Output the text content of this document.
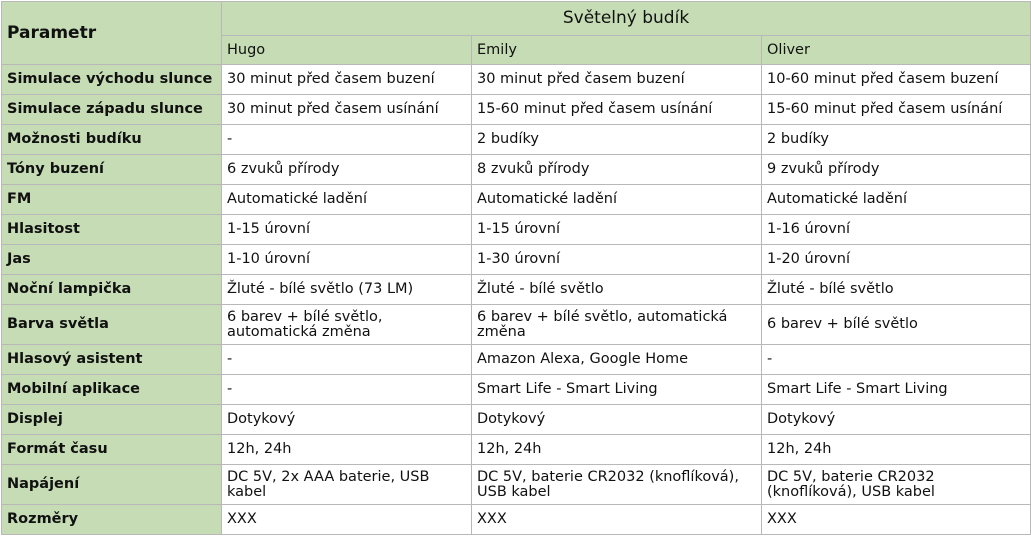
Parametr	Světelný budík		
	Hugo	Emily	Oliver
Simulace východu slunce	30 minut před časem buzení	30 minut před časem buzení	10-60 minut před časem buzení
Simulace západu slunce	30 minut před časem usínání	15-60 minut před časem usínání	15-60 minut před časem usínání
Možnosti budíku	-	2 budíky	2 budíky
Tóny buzení	6 zvuků přírody	8 zvuků přírody	9 zvuků přírody
FM	Automatické ladění	Automatické ladění	Automatické ladění
Hlasitost	1-15 úrovní	1-15 úrovní	1-16 úrovní
Jas	1-10 úrovní	1-30 úrovní	1-20 úrovní
Noční lampička	Žluté - bílé světlo (73 LM)	Žluté - bílé světlo	Žluté - bílé světlo
Barva světla	6 barev + bílé světlo, automatická změna	6 barev + bílé světlo, automatická změna	6 barev + bílé světlo
Hlasový asistent	-	Amazon Alexa, Google Home	-
Mobilní aplikace	-	Smart Life - Smart Living	Smart Life - Smart Living
Displej	Dotykový	Dotykový	Dotykový
Formát času	12h, 24h	12h, 24h	12h, 24h
Napájení	DC 5V, 2x AAA baterie, USB kabel	DC 5V, baterie CR2032 (knoflíková), USB kabel	DC 5V, baterie CR2032 (knoflíková), USB kabel
Rozměry	XXX	XXX	XXX
